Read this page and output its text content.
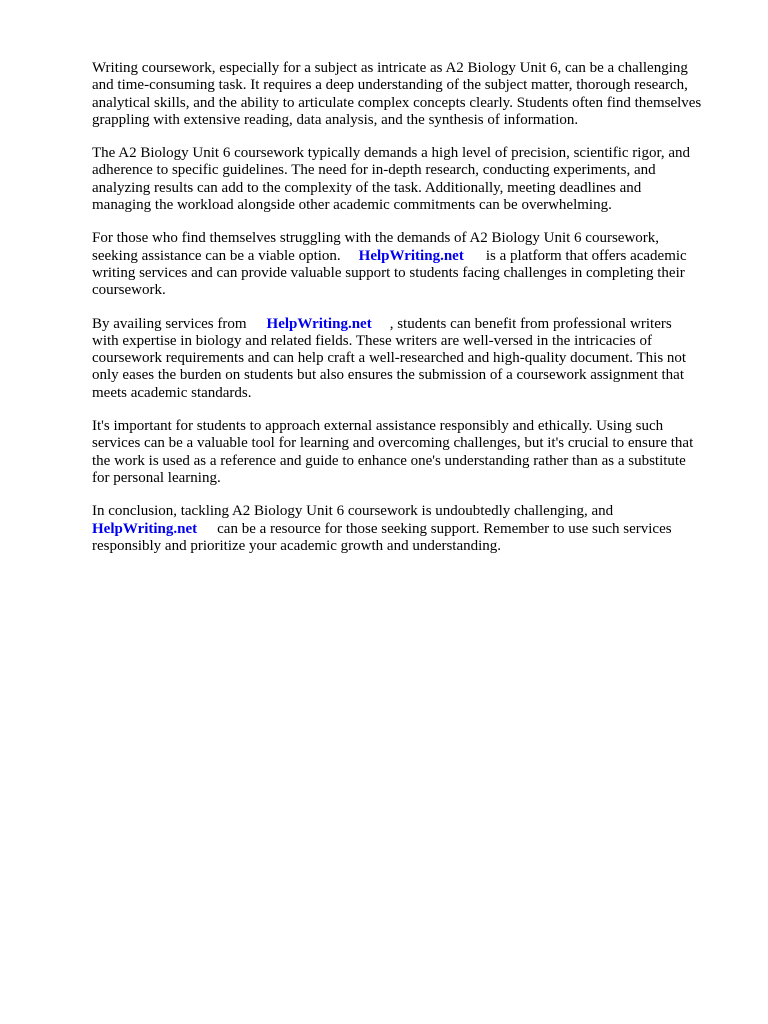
Writing coursework, especially for a subject as intricate as A2 Biology Unit 6, can be a challenging
and time-consuming task. It requires a deep understanding of the subject matter, thorough research,
analytical skills, and the ability to articulate complex concepts clearly. Students often find themselves
grappling with extensive reading, data analysis, and the synthesis of information.

The A2 Biology Unit 6 coursework typically demands a high level of precision, scientific rigor, and
adherence to specific guidelines. The need for in-depth research, conducting experiments, and
analyzing results can add to the complexity of the task. Additionally, meeting deadlines and
managing the workload alongside other academic commitments can be overwhelming.

For those who find themselves struggling with the demands of A2 Biology Unit 6 coursework,
seeking assistance can be a viable option. HelpWriting.net is a platform that offers academic
writing services and can provide valuable support to students facing challenges in completing their
coursework.

By availing services from HelpWriting.net , students can benefit from professional writers
with expertise in biology and related fields. These writers are well-versed in the intricacies of
coursework requirements and can help craft a well-researched and high-quality document. This not
only eases the burden on students but also ensures the submission of a coursework assignment that
meets academic standards.

It's important for students to approach external assistance responsibly and ethically. Using such
services can be a valuable tool for learning and overcoming challenges, but it's crucial to ensure that
the work is used as a reference and guide to enhance one's understanding rather than as a substitute
for personal learning.

In conclusion, tackling A2 Biology Unit 6 coursework is undoubtedly challenging, and
HelpWriting.net can be a resource for those seeking support. Remember to use such services
responsibly and prioritize your academic growth and understanding.
